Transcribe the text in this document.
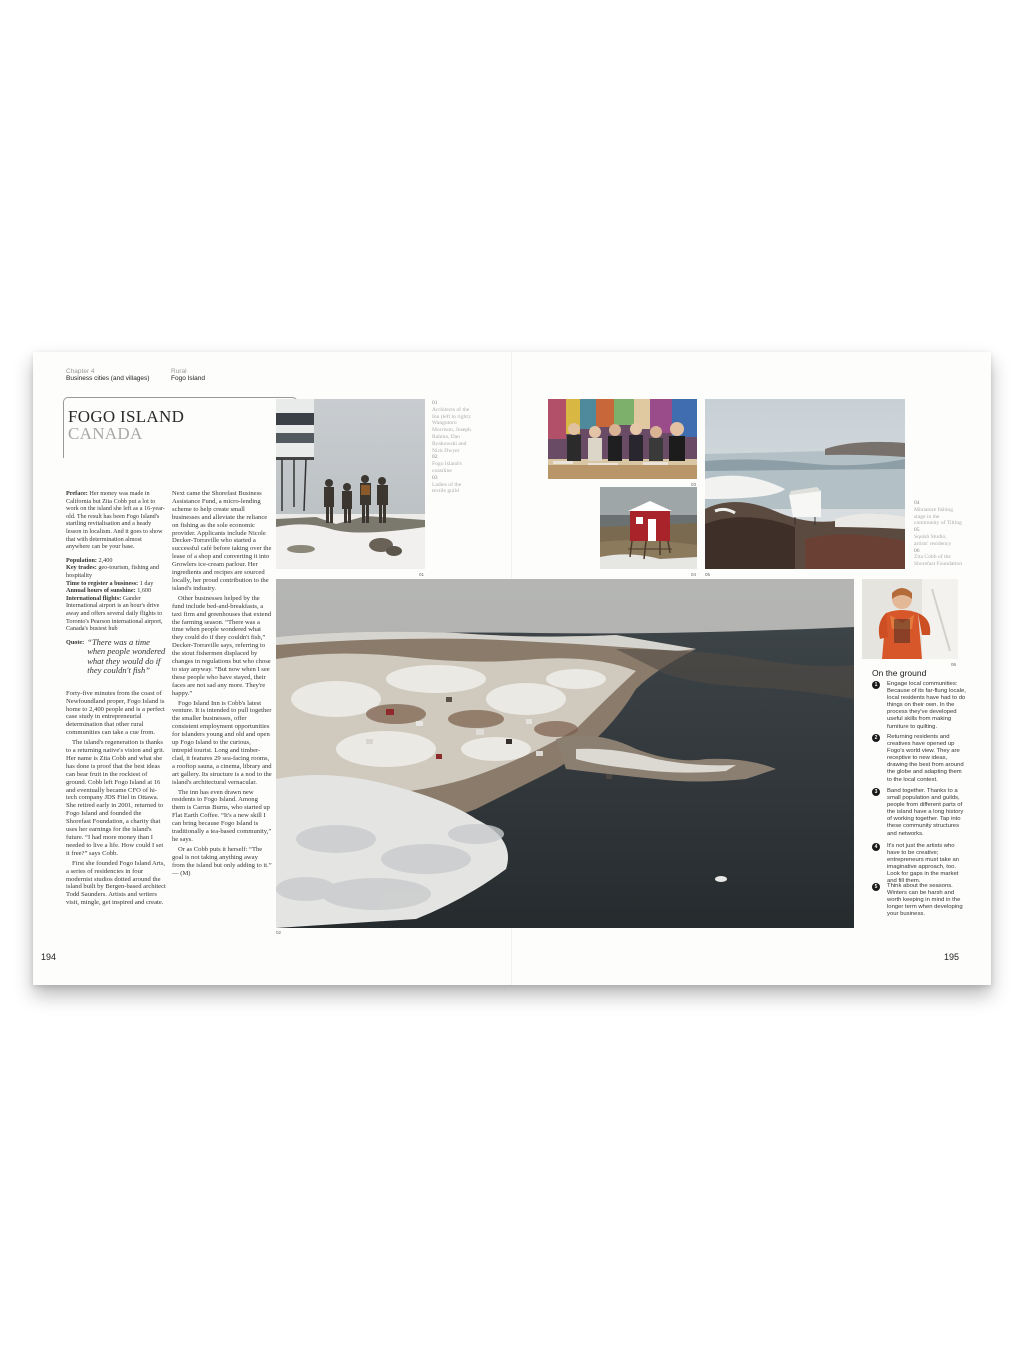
Chapter 4
Business cities (and villages)
Rural
Fogo Island
FOGO ISLAND
CANADA
Preface: Her money was made in California but Zita Cobb put a lot to work on the island she left as a 16-year-old. The result has been Fogo Island's startling revitalisation and a heady lesson in localism. And it goes to show that with determination almost anywhere can be your base.
Population: 2,400
Key trades: geo-tourism, fishing and hospitality
Time to register a business: 1 day
Annual hours of sunshine: 1,600
International flights: Gander International airport is an hour's drive away and offers several daily flights to Toronto's Pearson international airport, Canada's busiest hub
Quote: “There was a time when people wondered what they would do if they couldn't fish”

Forty-five minutes from the coast of Newfoundland proper, Fogo Island is home to 2,400 people and is a perfect case study in entrepreneurial determination that other rural communities can take a cue from.

The island's regeneration is thanks to a returning native's vision and grit. Her name is Zita Cobb and what she has done is proof that the best ideas can bear fruit in the rockiest of ground. Cobb left Fogo Island at 16 and eventually became CFO of hi-tech company JDS Fitel in Ottawa. She retired early in 2001, returned to Fogo Island and founded the Shorefast Foundation, a charity that uses her earnings for the island's future. “I had more money than I needed to live a life. How could I set it free?” says Cobb.

First she founded Fogo Island Arts, a series of residencies in four modernist studios dotted around the island built by Bergen-based architect Todd Saunders. Artists and writers visit, mingle, get inspired and create.

Next came the Shorefast Business Assistance Fund, a micro-lending scheme to help create small businesses and alleviate the reliance on fishing as the sole economic provider. Applicants include Nicole Decker-Torraville who started a successful café before taking over the lease of a shop and converting it into Growlers ice-cream parlour. Her ingredients and recipes are sourced locally, her proud contribution to the island's industry.

Other businesses helped by the fund include bed-and-breakfasts, a taxi firm and greenhouses that extend the farming season. “There was a time when people wondered what they could do if they couldn't fish,” Decker-Torraville says, referring to the stout fishermen displaced by changes in regulations but who chose to stay anyway. “But now when I see these people who have stayed, their faces are not sad any more. They're happy.”

Fogo Island Inn is Cobb's latest venture. It is intended to pull together the smaller businesses, offer consistent employment opportunities for islanders young and old and open up Fogo Island to the curious, intrepid tourist. Long and timber-clad, it features 29 sea-facing rooms, a rooftop sauna, a cinema, library and art gallery. Its structure is a nod to the island's architectural vernacular.

The inn has even drawn new residents to Fogo Island. Among them is Carrus Burns, who started up Flat Earth Coffee. “It's a new skill I can bring because Fogo Island is traditionally a tea-based community,” he says.

Or as Cobb puts it herself: “The goal is not taking anything away from the island but only adding to it.” — (M)

194
01
01
Architects of the Inn (left to right): Wangutoro Morrison, Joseph Rahma, Dan Ryakowski and Nick Dwyer
02
Fogo Island's coastline
03
Ladies of the textile guild
03
04 05
04
Miniature fishing stage in the community of Tilting
05
Squish Studio, artists' residency
06
Zita Cobb of the Shorefast Foundation
02
06
On the ground
1	Engage local communities: Because of its far-flung locale, local residents have had to do things on their own. In the process they've developed useful skills from making furniture to quilting.
2	Returning residents and creatives have opened up Fogo's world view. They are receptive to new ideas, drawing the best from around the globe and adapting them to the local context.
3	Band together. Thanks to a small population and guilds, people from different parts of the island have a long history of working together. Tap into these community structures and networks.
4	It's not just the artists who have to be creative; entrepreneurs must take an imaginative approach, too. Look for gaps in the market and fill them.
5	Think about the seasons. Winters can be harsh and worth keeping in mind in the longer term when developing your business.
195
